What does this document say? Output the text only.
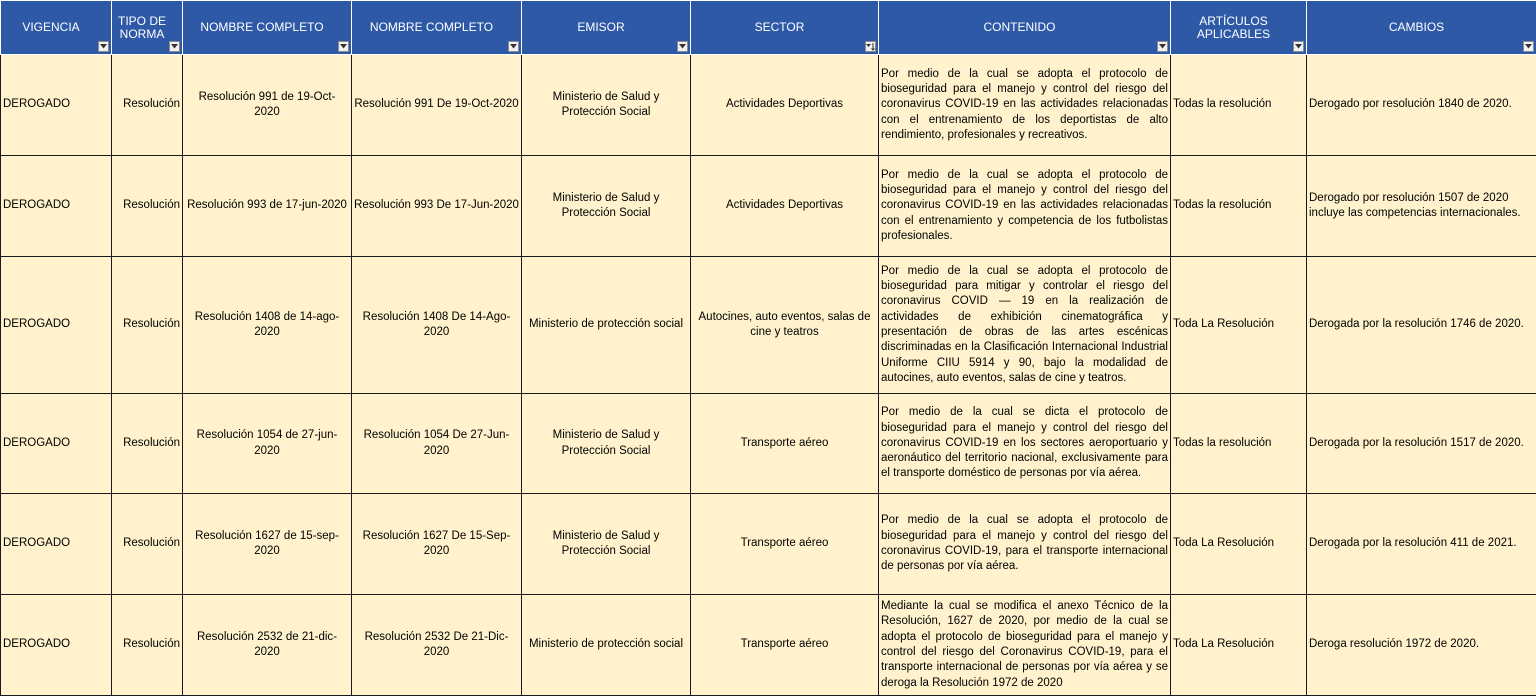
VIGENCIA	TIPO DE NORMA	NOMBRE COMPLETO	NOMBRE COMPLETO	EMISOR	SECTOR	CONTENIDO	ARTÍCULOS APLICABLES	CAMBIOS

DEROGADO	Resolución	Resolución 991 de 19-Oct- 2020	Resolución 991 De 19-Oct-2020	Ministerio de Salud y Protección Social	Actividades Deportivas	Por medio de la cual se adopta el protocolo de bioseguridad para el manejo y control del riesgo del coronavirus COVID-19 en las actividades relacionadas con el entrenamiento de los deportistas de alto rendimiento, profesionales y recreativos.	Todas la resolución	Derogado por resolución 1840 de 2020.
DEROGADO	Resolución	Resolución 993 de 17-jun-2020	Resolución 993 De 17-Jun-2020	Ministerio de Salud y Protección Social	Actividades Deportivas	Por medio de la cual se adopta el protocolo de bioseguridad para el manejo y control del riesgo del coronavirus COVID-19 en las actividades relacionadas con el entrenamiento y competencia de los futbolistas profesionales.	Todas la resolución	Derogado por resolución 1507 de 2020 incluye las competencias internacionales.
DEROGADO	Resolución	Resolución 1408 de 14-ago-2020	Resolución 1408 De 14-Ago-2020	Ministerio de protección social	Autocines, auto eventos, salas de cine y teatros	Por medio de la cual se adopta el protocolo de bioseguridad para mitigar y controlar el riesgo del coronavirus COVID — 19 en la realización de actividades de exhibición cinematográfica y presentación de obras de las artes escénicas discriminadas en la Clasificación Internacional Industrial Uniforme CIIU 5914 y 90, bajo la modalidad de autocines, auto eventos, salas de cine y teatros.	Toda La Resolución	Derogada por la resolución 1746 de 2020.
DEROGADO	Resolución	Resolución 1054 de 27-jun-2020	Resolución 1054 De 27-Jun-2020	Ministerio de Salud y Protección Social	Transporte aéreo	Por medio de la cual se dicta el protocolo de bioseguridad para el manejo y control del riesgo del coronavirus COVID-19 en los sectores aeroportuario y aeronáutico del territorio nacional, exclusivamente para el transporte doméstico de personas por vía aérea.	Todas la resolución	Derogada por la resolución 1517 de 2020.
DEROGADO	Resolución	Resolución 1627 de 15-sep-2020	Resolución 1627 De 15-Sep-2020	Ministerio de Salud y Protección Social	Transporte aéreo	Por medio de la cual se adopta el protocolo de bioseguridad para el manejo y control del riesgo del coronavirus COVID-19, para el transporte internacional de personas por vía aérea.	Toda La Resolución	Derogada por la resolución 411 de 2021.
DEROGADO	Resolución	Resolución 2532 de 21-dic-2020	Resolución 2532 De 21-Dic-2020	Ministerio de protección social	Transporte aéreo	Mediante la cual se modifica el anexo Técnico de la Resolución, 1627 de 2020, por medio de la cual se adopta el protocolo de bioseguridad para el manejo y control del riesgo del Coronavirus COVID-19, para el transporte internacional de personas por vía aérea y se deroga la Resolución 1972 de 2020	Toda La Resolución	Deroga resolución 1972 de 2020.
